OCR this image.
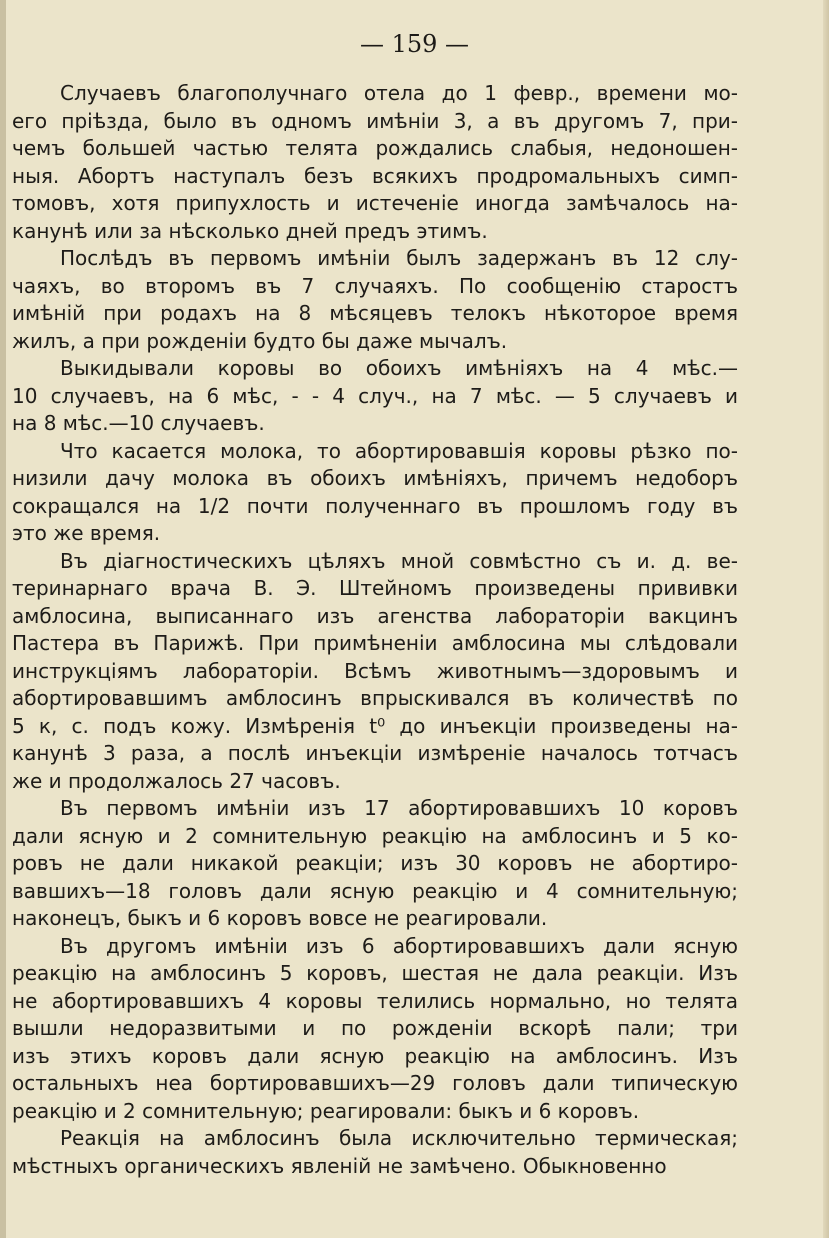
— 159 —
Случаевъ благополучнаго отела до 1 февр., времени мо-
его прiѣзда, было въ одномъ имѣнiи 3, а въ другомъ 7, при-
чемъ большей частью телята рождались слабыя, недоношен-
ныя. Абортъ наступалъ безъ всякихъ продромальныхъ симп-
томовъ, хотя припухлость и истеченiе иногда замѣчалось на-
канунѣ или за нѣсколько дней предъ этимъ.
Послѣдъ въ первомъ имѣнiи былъ задержанъ въ 12 слу-
чаяхъ, во второмъ въ 7 случаяхъ. По сообщенiю старостъ
имѣнiй при родахъ на 8 мѣсяцевъ телокъ нѣкоторое время
жилъ, а при рожденiи будто бы даже мычалъ.
Выкидывали коровы во обоихъ имѣнiяхъ на 4 мѣс.—
10 случаевъ, на 6 мѣс, - - 4 случ., на 7 мѣс. — 5 случаевъ и
на 8 мѣс.—10 случаевъ.
Что касается молока, то абортировавшiя коровы рѣзко по-
низили дачу молока въ обоихъ имѣнiяхъ, причемъ недоборъ
сокращался на 1/2 почти полученнаго въ прошломъ году въ
это же время.
Въ дiагностическихъ цѣляхъ мной совмѣстно съ и. д. ве-
теринарнаго врача В. Э. Штейномъ произведены прививки
амблосина, выписаннаго изъ агенства лабораторiи вакцинъ
Пастера въ Парижѣ. При примѣненiи амблосина мы слѣдовали
инструкцiямъ лабораторiи. Всѣмъ животнымъ—здоровымъ и
абортировавшимъ амблосинъ впрыскивался въ количествѣ по
5 к, с. подъ кожу. Измѣренiя t⁰ до инъекцiи произведены на-
канунѣ 3 раза, а послѣ инъекцiи измѣренiе началось тотчасъ
же и продолжалось 27 часовъ.
Въ первомъ имѣнiи изъ 17 абортировавшихъ 10 коровъ
дали ясную и 2 сомнительную реакцiю на амблосинъ и 5 ко-
ровъ не дали никакой реакцiи; изъ 30 коровъ не абортиро-
вавшихъ—18 головъ дали ясную реакцiю и 4 сомнительную;
наконецъ, быкъ и 6 коровъ вовсе не реагировали.
Въ другомъ имѣнiи изъ 6 абортировавшихъ дали ясную
реакцiю на амблосинъ 5 коровъ, шестая не дала реакцiи. Изъ
не абортировавшихъ 4 коровы телились нормально, но телята
вышли недоразвитыми и по рожденiи вскорѣ пали; три
изъ этихъ коровъ дали ясную реакцiю на амблосинъ. Изъ
остальныхъ неа бортировавшихъ—29 головъ дали типическую
реакцiю и 2 сомнительную; реагировали: быкъ и 6 коровъ.
Реакцiя на амблосинъ была исключительно термическая;
мѣстныхъ органическихъ явленiй не замѣчено. Обыкновенно
